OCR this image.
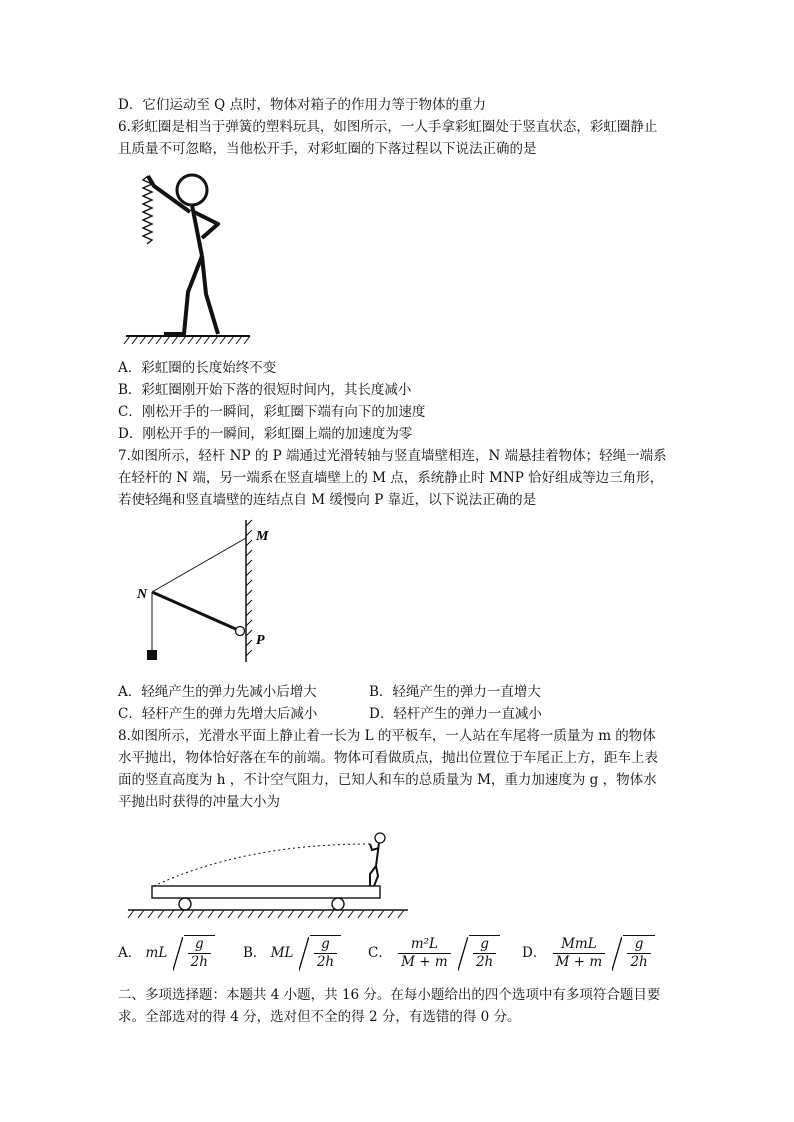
D．它们运动至 Q 点时，物体对箱子的作用力等于物体的重力
6.彩虹圈是相当于弹簧的塑料玩具，如图所示，一人手拿彩虹圈处于竖直状态，彩虹圈静止
且质量不可忽略，当他松开手，对彩虹圈的下落过程以下说法正确的是
A．彩虹圈的长度始终不变
B．彩虹圈刚开始下落的很短时间内，其长度减小
C．刚松开手的一瞬间，彩虹圈下端有向下的加速度
D．刚松开手的一瞬间，彩虹圈上端的加速度为零
7.如图所示，轻杆 NP 的 P 端通过光滑转轴与竖直墙壁相连，N 端悬挂着物体；轻绳一端系
在轻杆的 N 端，另一端系在竖直墙壁上的 M 点，系统静止时 MNP 恰好组成等边三角形，
若使轻绳和竖直墙壁的连结点自 M 缓慢向 P 靠近，以下说法正确的是
M
N
P
A．轻绳产生的弹力先减小后增大	B．轻绳产生的弹力一直增大
C．轻杆产生的弹力先增大后减小	D．轻杆产生的弹力一直减小
8.如图所示，光滑水平面上静止着一长为 L 的平板车，一人站在车尾将一质量为 m 的物体
水平抛出，物体恰好落在车的前端。物体可看做质点，抛出位置位于车尾正上方，距车上表
面的竖直高度为 h ，不计空气阻力，已知人和车的总质量为 M，重力加速度为 g ，物体水
平抛出时获得的冲量大小为
A． mL $\frac{g}{2h}$ B． ML $\frac{g}{2h}$ C． $\frac{\text{m²L}}{M + m}$
$\frac{g}{2h}$ D． $\frac{\text{MmL}}{M + m}$
$\frac{g}{2h}$
二、多项选择题：本题共 4 小题，共 16 分。在每小题给出的四个选项中有多项符合题目要
求。全部选对的得 4 分，选对但不全的得 2 分，有选错的得 0 分。
